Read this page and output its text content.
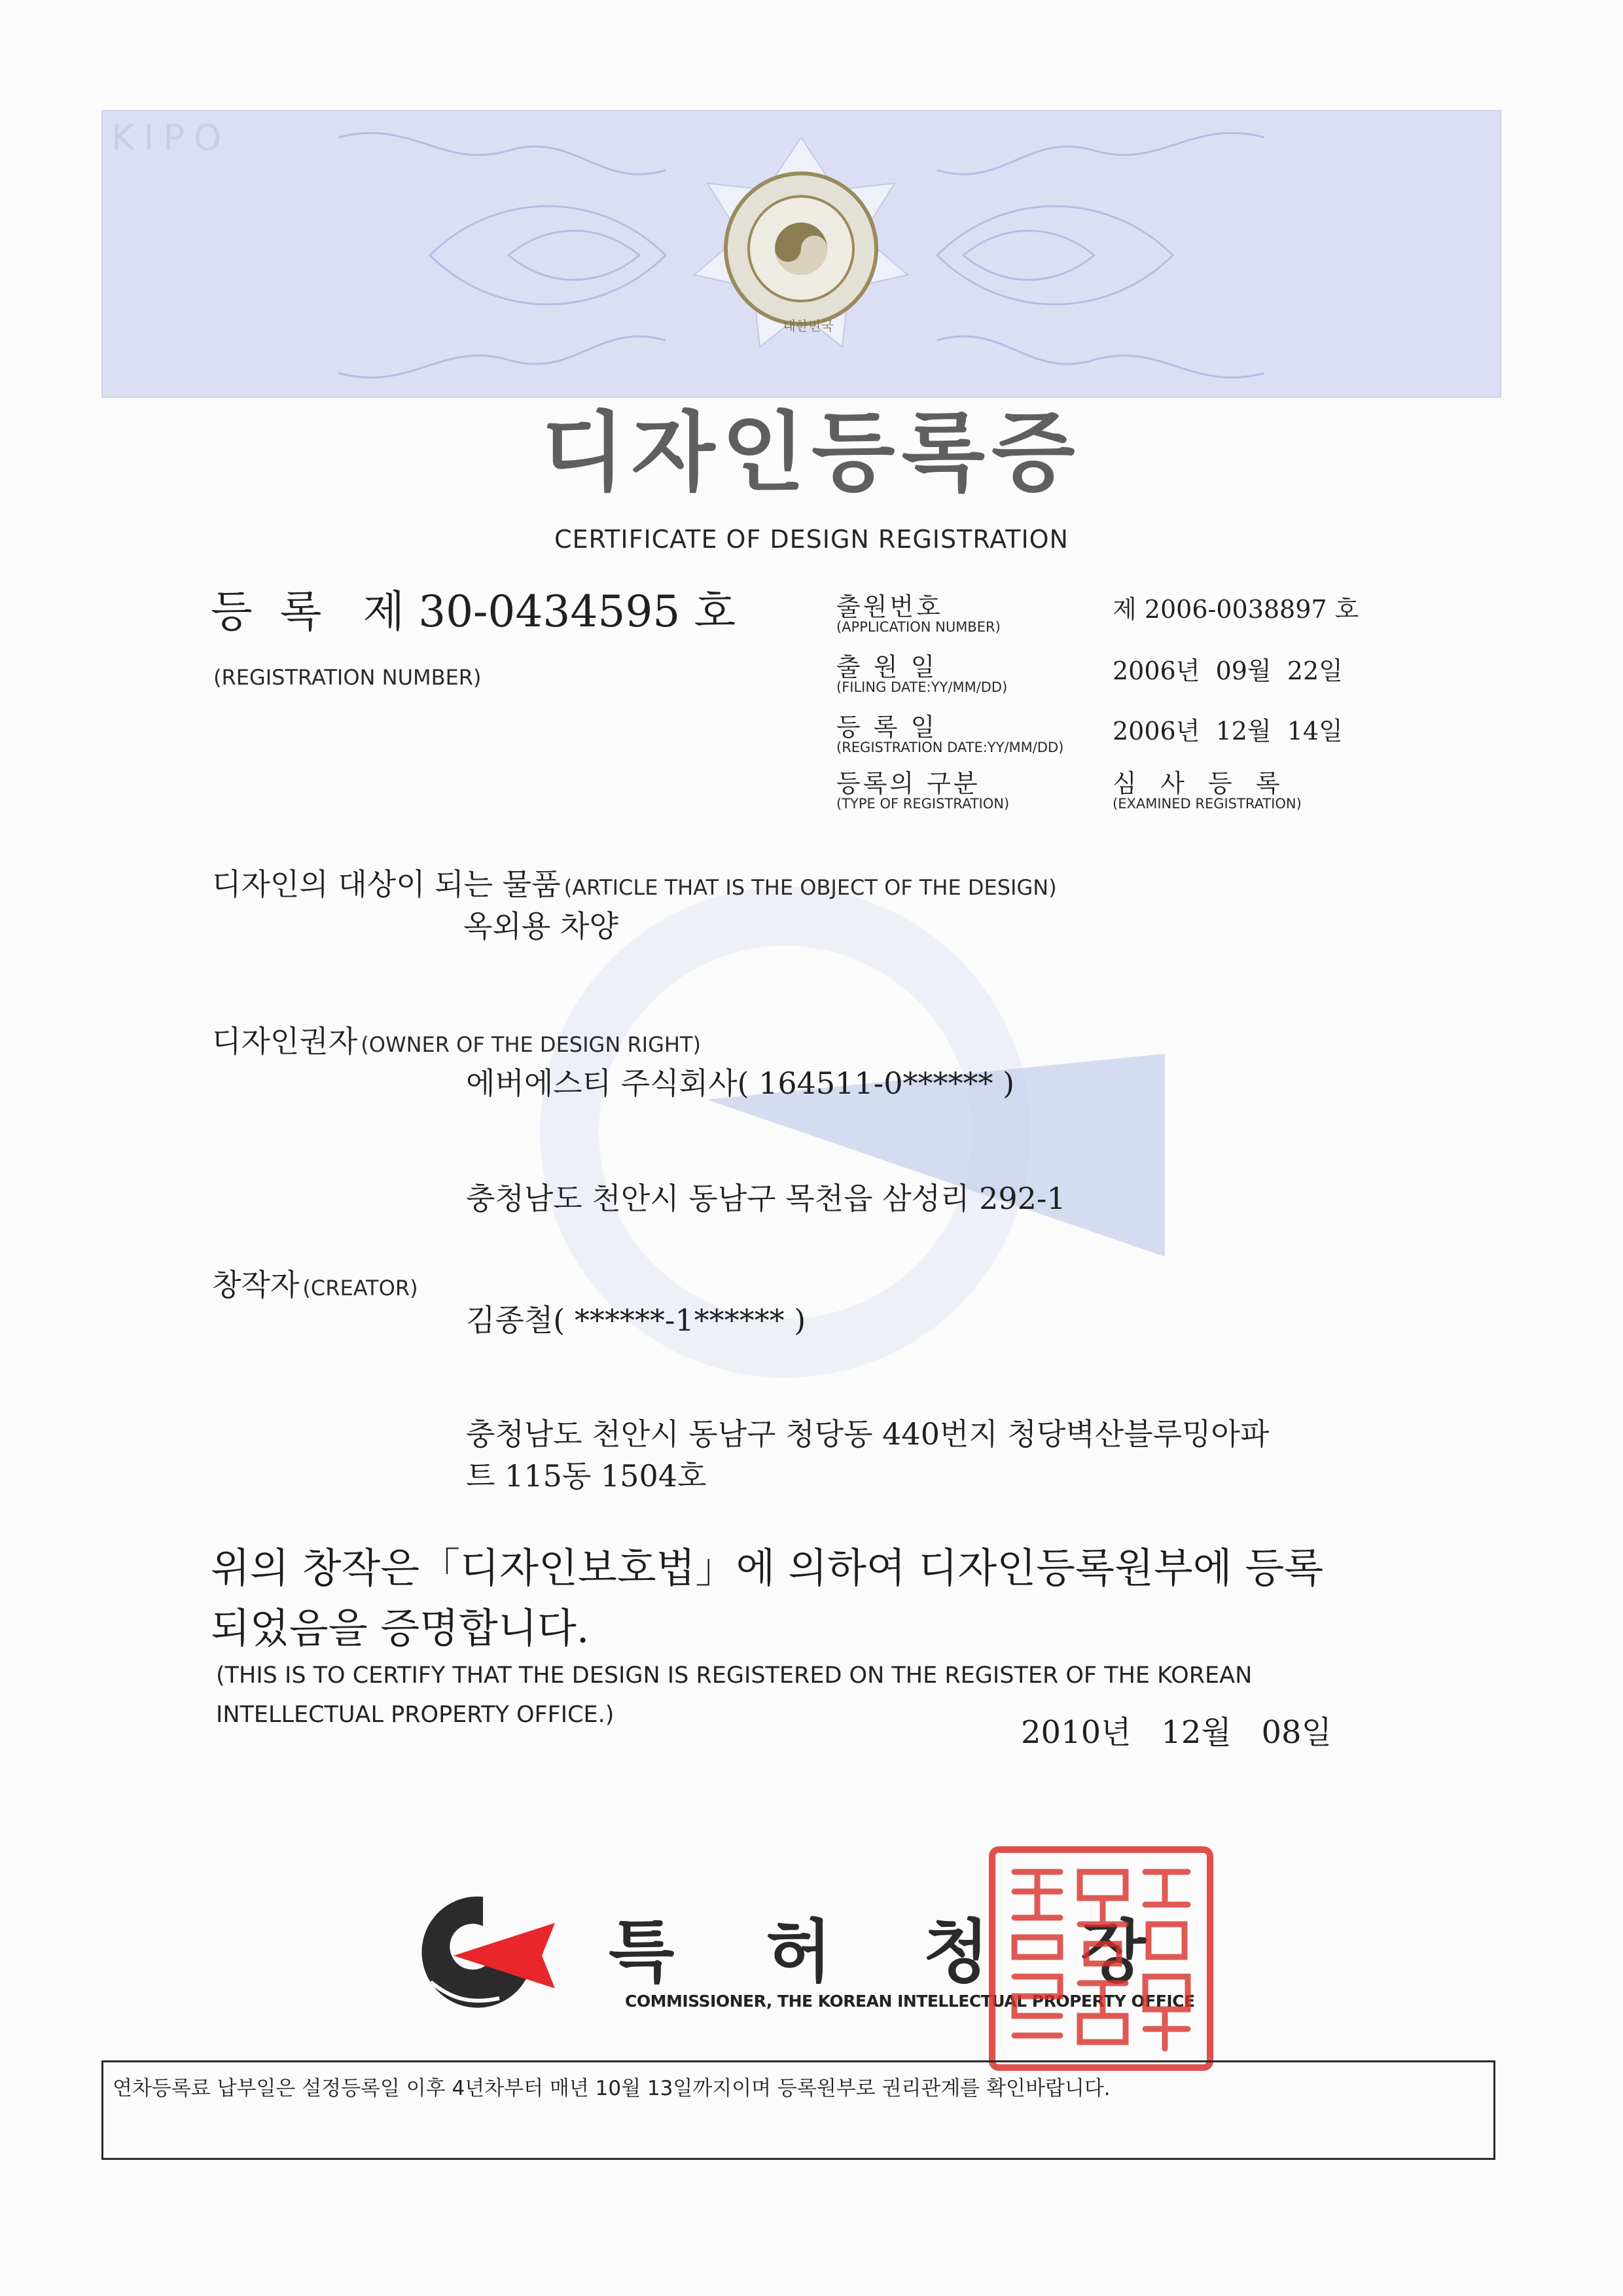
KIPO
대한민국
디자인등록증
CERTIFICATE OF DESIGN REGISTRATION
등  록   제 30-0434595 호
(REGISTRATION NUMBER)
출원번호
(APPLICATION NUMBER)
제 2006-0038897 호
출 원 일
(FILING DATE:YY/MM/DD)
2006년  09월  22일
등 록 일
(REGISTRATION DATE:YY/MM/DD)
2006년  12월  14일
등록의 구분
(TYPE OF REGISTRATION)
심   사   등   록
(EXAMINED REGISTRATION)
디자인의 대상이 되는 물품 (ARTICLE THAT IS THE OBJECT OF THE DESIGN)
옥외용 차양
디자인권자 (OWNER OF THE DESIGN RIGHT)
에버에스티 주식회사( 164511-0****** )
충청남도 천안시 동남구 목천읍 삼성리 292-1
창작자 (CREATOR)
김종철( ******-1****** )
충청남도 천안시 동남구 청당동 440번지 청당벽산블루밍아파
트 115동 1504호
위의 창작은「디자인보호법」에 의하여 디자인등록원부에 등록
되었음을 증명합니다.
(THIS IS TO CERTIFY THAT THE DESIGN IS REGISTERED ON THE REGISTER OF THE KOREAN
INTELLECTUAL PROPERTY OFFICE.)	2010년   12월   08일
특허청장
COMMISSIONER, THE KOREAN INTELLECTUAL PROPERTY OFFICE
연차등록료 납부일은 설정등록일 이후 4년차부터 매년 10월 13일까지이며 등록원부로 권리관계를 확인바랍니다.
